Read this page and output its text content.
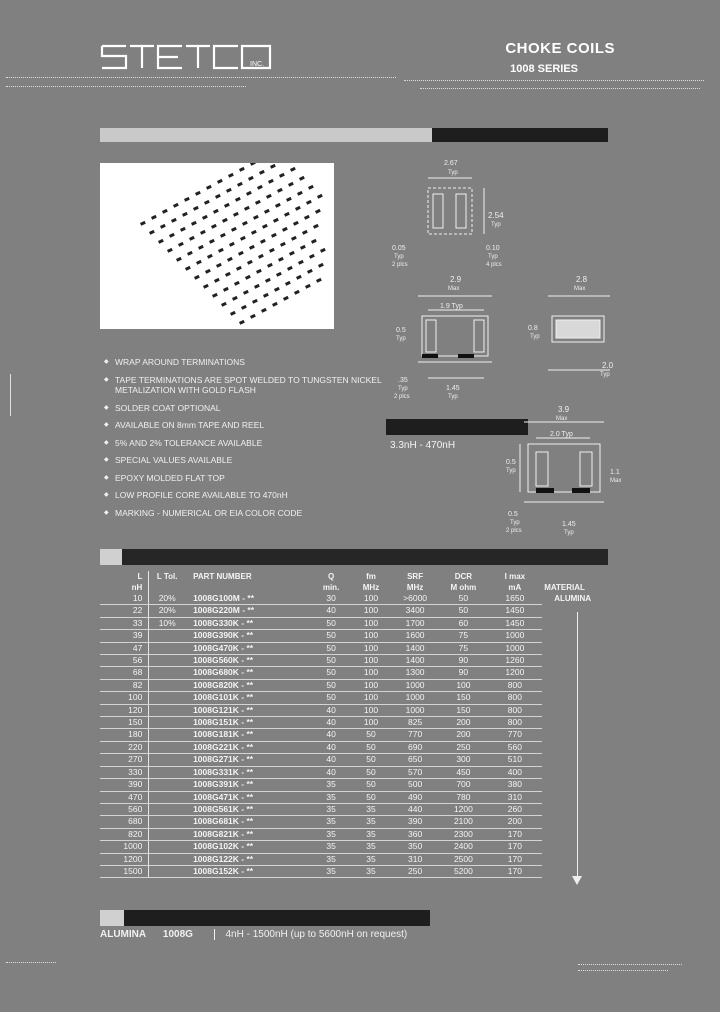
INC.
STETCO
CHOKE COILS
1008 SERIES
2.67
Typ
2.54
Typ
0.05
Typ
2 plcs
0.10
Typ
4 plcs
2.9
Max
1.9 Typ
0.5
Typ
.35
Typ
2 plcs
1.45
Typ
2.8
Max
0.8
Typ
2.0
Typ
◆ WRAP AROUND TERMINATIONS
◆ TAPE TERMINATIONS ARE SPOT WELDED TO TUNGSTEN NICKEL METALIZATION WITH GOLD FLASH
◆ SOLDER COAT OPTIONAL
◆ AVAILABLE ON 8mm TAPE AND REEL
◆ 5% AND 2% TOLERANCE AVAILABLE
◆ SPECIAL VALUES AVAILABLE
◆ EPOXY MOLDED FLAT TOP
◆ LOW PROFILE CORE AVAILABLE TO 470nH
◆ MARKING - NUMERICAL OR EIA COLOR CODE
3.3nH - 470nH
3.9
Max
2.0 Typ
0.5
Typ	1.1
Max
0.5
Typ
2 plcs
1.45
Typ
L	L Tol.	PART NUMBER	Q	fm	SRF	DCR	I max	
nH			min.	MHz	MHz	M ohm	mA	MATERIAL
10	20%	1008G100M - **	30	100	>6000	50	1650	ALUMINA
22	20%	1008G220M - **	40	100	3400	50	1450	
33	10%	1008G330K - **	50	100	1700	60	1450	
39		1008G390K - **	50	100	1600	75	1000	
47		1008G470K - **	50	100	1400	75	1000	
56		1008G560K - **	50	100	1400	90	1260	
68		1008G680K - **	50	100	1300	90	1200	
82		1008G820K - **	50	100	1000	100	800	
100		1008G101K - **	50	100	1000	150	800	
120		1008G121K - **	40	100	1000	150	800	
150		1008G151K - **	40	100	825	200	800	
180		1008G181K - **	40	50	770	200	770	
220		1008G221K - **	40	50	690	250	560	
270		1008G271K - **	40	50	650	300	510	
330		1008G331K - **	40	50	570	450	400	
390		1008G391K - **	35	50	500	700	380	
470		1008G471K - **	35	50	490	780	310	
560		1008G561K - **	35	35	440	1200	260	
680		1008G681K - **	35	35	390	2100	200	
820		1008G821K - **	35	35	360	2300	170	
1000		1008G102K - **	35	35	350	2400	170	
1200		1008G122K - **	35	35	310	2500	170	
1500		1008G152K - **	35	35	250	5200	170	
ALUMINA 1008G	4nH - 1500nH (up to 5600nH on request)
